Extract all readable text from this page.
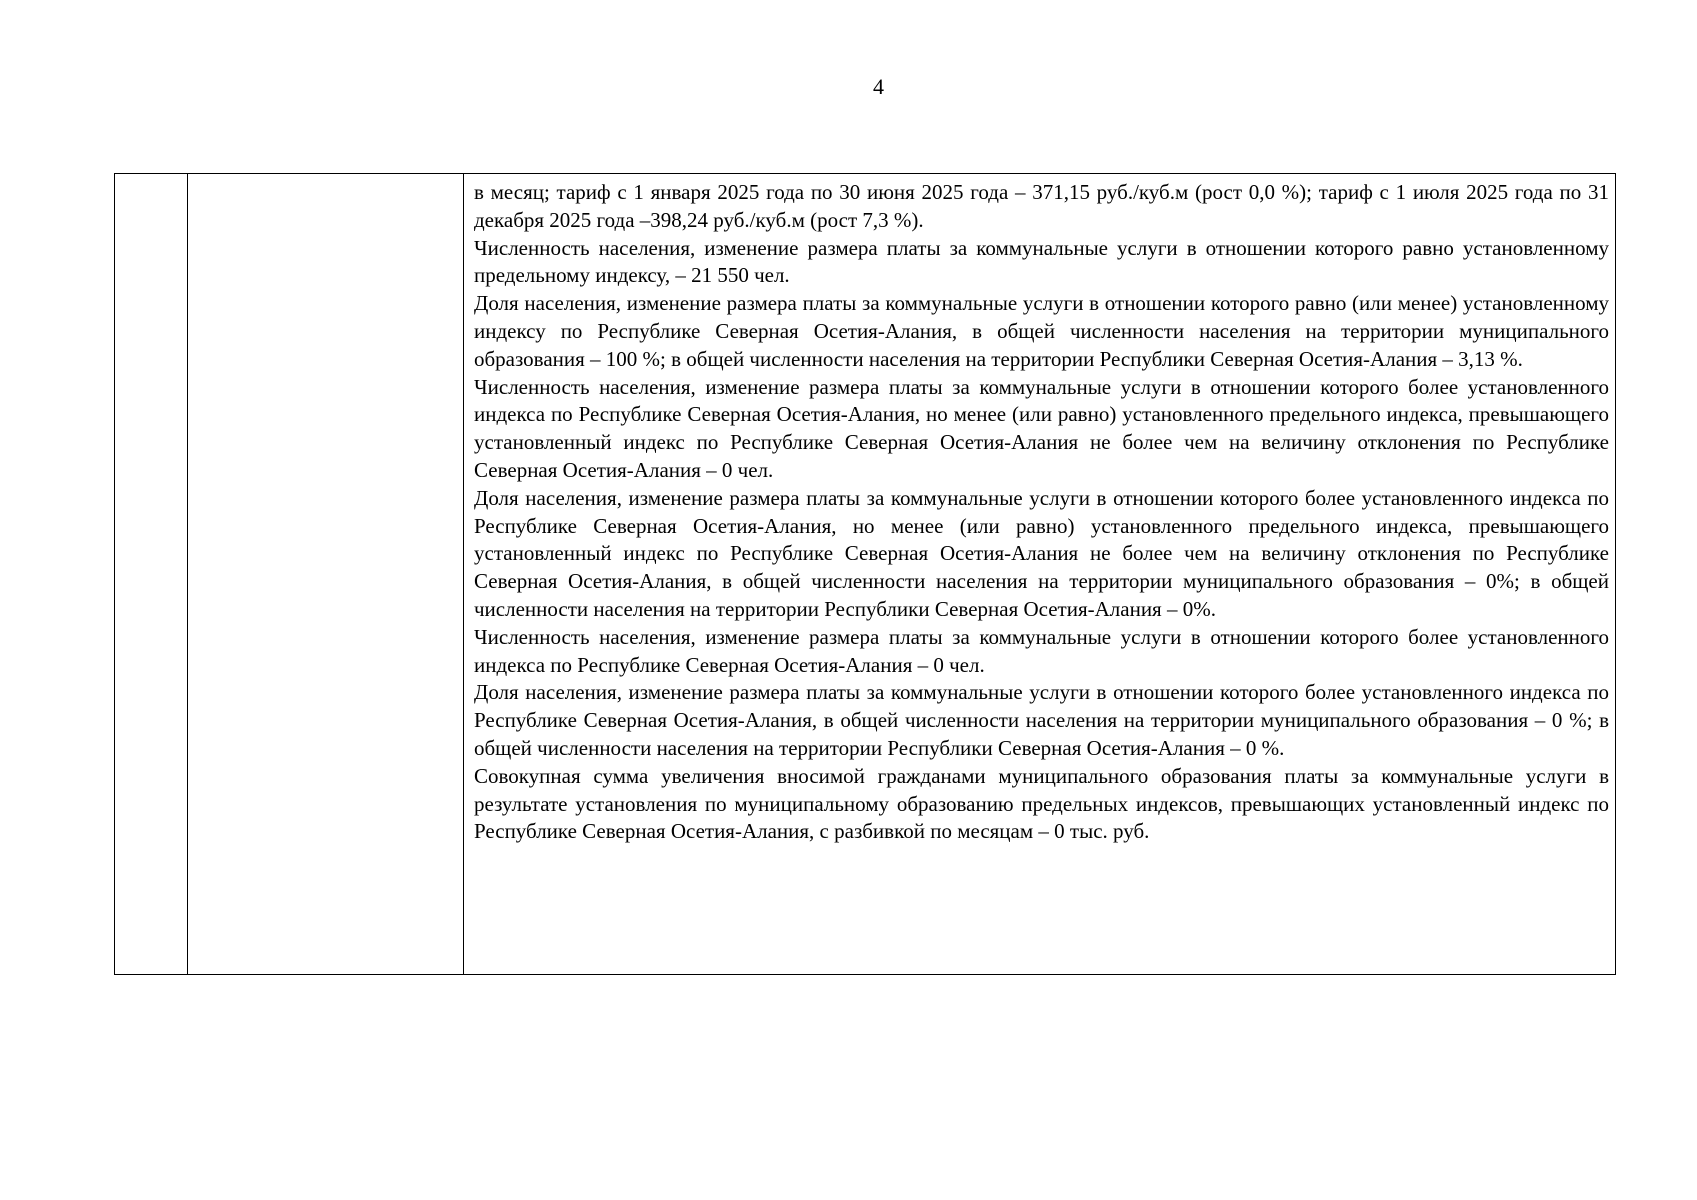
4

в месяц; тариф с 1 января 2025 года по 30 июня 2025 года – 371,15 руб./куб.м (рост 0,0 %); тариф с 1 июля 2025 года по 31 декабря 2025 года –398,24 руб./куб.м (рост 7,3 %).

Численность населения, изменение размера платы за коммунальные услуги в отношении которого равно установленному предельному индексу, – 21 550 чел.

Доля населения, изменение размера платы за коммунальные услуги в отношении которого равно (или менее) установленному индексу по Республике Северная Осетия-Алания, в общей численности населения на территории муниципального образования – 100 %; в общей численности населения на территории Республики Северная Осетия-Алания – 3,13 %.

Численность населения, изменение размера платы за коммунальные услуги в отношении которого более установленного индекса по Республике Северная Осетия-Алания, но менее (или равно) установленного предельного индекса, превышающего установленный индекс по Республике Северная Осетия-Алания не более чем на величину отклонения по Республике Северная Осетия-Алания – 0 чел.

Доля населения, изменение размера платы за коммунальные услуги в отношении которого более установленного индекса по Республике Северная Осетия-Алания, но менее (или равно) установленного предельного индекса, превышающего установленный индекс по Республике Северная Осетия-Алания не более чем на величину отклонения по Республике Северная Осетия-Алания, в общей численности населения на территории муниципального образования – 0%; в общей численности населения на территории Республики Северная Осетия-Алания – 0%.

Численность населения, изменение размера платы за коммунальные услуги в отношении которого более установленного индекса по Республике Северная Осетия-Алания – 0 чел.

Доля населения, изменение размера платы за коммунальные услуги в отношении которого более установленного индекса по Республике Северная Осетия-Алания, в общей численности населения на территории муниципального образования – 0 %; в общей численности населения на территории Республики Северная Осетия-Алания – 0 %.

Совокупная сумма увеличения вносимой гражданами муниципального образования платы за коммунальные услуги в результате установления по муниципальному образованию предельных индексов, превышающих установленный индекс по Республике Северная Осетия-Алания, с разбивкой по месяцам – 0 тыс. руб.
